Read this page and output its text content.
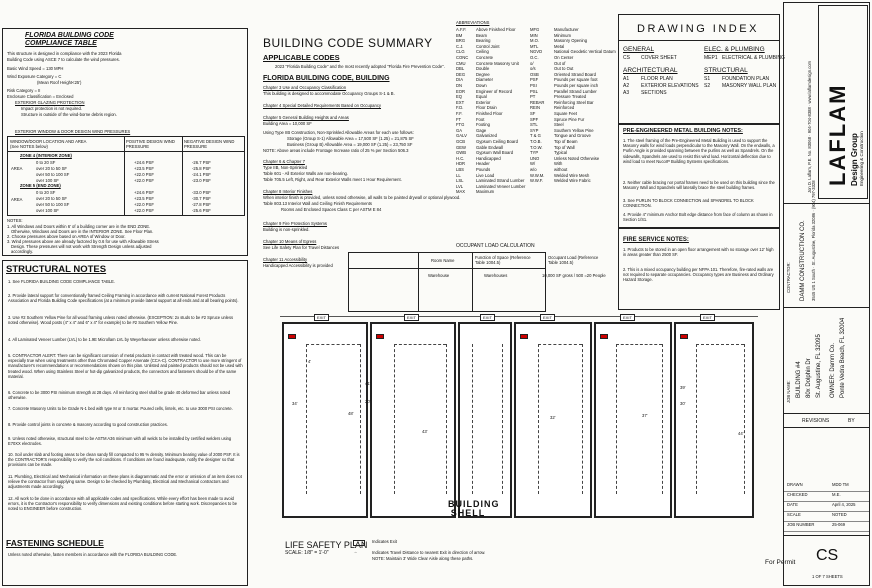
FLORIDA BUILDING CODE
COMPLIANCE TABLE
WINDOW/DOOR LOCATION AND AREA (See NOTES below)
POSITIVE DESIGN WIND PRESSURE
NEGATIVE DESIGN WIND PRESSURE
ZONE 4 (INTERIOR ZONE)
AREA
ZONE 5 (END ZONE)
AREA
0 to 20 SF	+24.6 PSF	-26.7 PSF
over 20 to 50 SF	+23.5 PSF	-25.8 PSF
over 50 to 100 SF	+22.0 PSF	-24.1 PSF
over 100 SF	+22.0 PSF	-23.0 PSF
0 to 20 SF	+24.6 PSF	-33.0 PSF
over 20 to 50 SF	+23.5 PSF	-30.7 PSF
over 50 to 100 SF	+22.0 PSF	-27.8 PSF
over 100 SF	+22.0 PSF	-25.6 PSF
NOTES:
This structure is designed in compliance with the 2023 Florida
Building Code using ASCE 7 to calculate the wind pressures.
Basic Wind Speed = 130 MPH
Wind Exposure Category = C
(Mean Roof Height<25')
Risk Category = II
Enclosure Classification = Enclosed
EXTERIOR GLAZING PROTECTION
Impact protection is not required.
Structure is outside of the wind-borne debris region.
EXTERIOR WINDOW & DOOR DESIGN WIND PRESSURES
1. All Windows and Doors within 6' of a building corner are in the END ZONE.
Otherwise, Windows and Doors are in the INTERIOR ZONE. See Floor Plan.
2. Choose pressures above based on AREA of Window or Door.
3. Wind pressures above are already factored by 0.6 for use with Allowable Stress
Design. These pressures will not work with Strength Design unless adjusted
accordingly.
STRUCTURAL NOTES
FASTENING SCHEDULE
Unless noted otherwise, fasten members in accordance with the FLORIDA BUILDING CODE.
1. See FLORIDA BUILDING CODE COMPLIANCE TABLE.
2. Provide lateral support for conventionally framed Ceiling Framing in accordance with current National Forest Products Association and Florida Building Code specifications (at a minimum provide lateral support at all ends and at all bearing points).
3. Use #2 Southern Yellow Pine for all wood framing unless noted otherwise. (EXCEPTION: 2x studs to be #2 Spruce unless noted otherwise). Wood posts (4" x 4" and 6" x 4" for example) to be #2 Southern Yellow Pine.
4. All Laminated Veneer Lumber (LVL) to be 1.9E Microllam LVL by Weyerhaeuser unless otherwise noted.
5. CONTRACTOR ALERT: There can be significant corrosion of metal products in contact with treated wood. This can be especially true when using treatments other than Chromated Copper Arsenate (CCA-C). CONTRACTOR to use more stringent of manufacturer's recommendations or recommendations shown on this plan. Unlisted and painted products should not be used with treated wood. When using Stainless Steel or hot-dip galvanized products, the connectors and fasteners should be of the same material.
6. Concrete to be 3000 PSI minimum strength at 28 days. All reinforcing steel shall be grade 40 deformed bar unless noted otherwise.
7. Concrete Masonry Units to be Grade N-1 bed with type M or S mortar. Poured cells, lintels, etc. to use 3000 PSI concrete.
8. Provide control joints in concrete & masonry according to good construction practices.
9. Unless noted otherwise, structural steel to be ASTM A36 minimum with all welds to be installed by certified welders using E70XX electrodes.
10. Soil under slab and footing areas to be clean sandy fill compacted to 95 % density. Minimum bearing value of 2000 PSF. It is the CONTRACTOR'S responsibility to verify the soil conditions. If conditions are found inadequate, notify the designer so that provisions can be made.
11. Plumbing, Electrical and Mechanical information on these plans is diagrammatic and the error or omission of an item does not relieve the contractor from supplying same. Design to be checked by Plumbing, Electrical and Mechanical contractors and adjustments made accordingly.
12. All work to be done in accordance with all applicable codes and specifications. While every effort has been made to avoid errors, it is the Contractor's responsibility to verify dimensions and existing conditions before starting work. Discrepancies to be noted to ENGINEER before construction.
BUILDING CODE SUMMARY
APPLICABLE CODES
2023 "Florida Building Code" and the most recently adopted "Florida Fire Prevention Code".
FLORIDA BUILDING CODE, BUILDING
ABBREVIATIONS
OCCUPANT LOAD CALCULATION
Room Name
Function of Space (Reference Table 1004.5)
Occupant Load (Reference Table 1004.5)
Warehouse	Warehouses	10,000 SF gross / 500 =20 People
DRAWING INDEX
GENERAL
ARCHITECTURAL
ELEC. & PLUMBING
STRUCTURAL
CS COVER SHEET
A1 FLOOR PLAN
A2 EXTERIOR ELEVATIONS
A3 SECTIONS
MEP1 ELECTRICAL & PLUMBING
S1 FOUNDATION PLAN
S2 MASONRY WALL PLAN
PRE-ENGINEERED METAL BUILDING NOTES:
1. The steel framing of the Pre-Engineered Metal Building is used to support the Masonry walls for wind loads perpendicular to the Masonry Wall. On the endwalls, a Purlin Angle is provided spanning between the purlins as well as Spandrels. On the sidewalls, Spandrels are used to resist this wind load. Horizontal deflection due to wind load to meet NucorP Building Systems specifications.
2. Neither cable bracing nor portal frames need to be used on this building since the Masonry Wall and Spandrels will laterally brace the steel building frames.
3. See PURLIN TO BLOCK CONNECTION and SPANDREL TO BLOCK CONNECTION.
4. Provide 4" minimum Anchor Bolt edge distance from face of column as shown in Section 1/S1.
FIRE SERVICE NOTES:
1. Products to be stored in an open floor arrangement with no storage over 12' high in areas greater than 2500 SF.
2. This is a mixed occupancy building per NFPA 101. Therefore, fire-rated walls are not required to separate occupancies. Occupancy types are Business and Ordinary Hazard Storage.
EXIT	EXIT	EXIT	EXIT	EXIT
EXIT
4'
41'
20'
48'
34'
43'	44'
39'
30'
37'
32'
BUILDING SHELL
LIFE SAFETY PLAN
SCALE: 1/8" = 1'-0"
Indicates Exit
→	Indicates Travel Distance to nearest Exit in direction of arrow.
NOTE: Maintain 3' Wide Clear Aisle along these paths.
For Permit
LAFLAM Design Group Engineering & Construction
Jon D. Laflam, P.E. No. 83068 · 904-704-8388 · www.laflamdesign.com
CONTRACTOR: DAMM CONSTRUCTION CO. 3545 US 1 South · St. Augustine, Florida 32086 · (904) 797-3328
JOB NAME: BUILDING #4 80x Dolphin Dr St. Augustine, FL 32095 OWNER: Damm Co. Ponte Vedra Beach, FL 32004
REVISIONS	BY
CS
1 OF 7 SHEETS
DRAWN	MDD TM
CHECKED	M.E.
DATE	April 4, 2025
SCALE	NOTED
JOB NUMBER	25-069
Chapter 3 Use and Occupancy Classification
This building is designed to accommodate Occupancy Groups S-1 & B.
Chapter 4 Special Detailed Requirements Based on Occupancy
Chapter 5 General Building Heights and Areas
Building Area = 10,000 SF
Using Type IIB Construction, Non-Sprinkled Allowable Areas for each use follows:
Storage (Group S-1) Allowable Area = 17,500 SF (1.25) = 21,875 SF
Business (Group B) Allowable Area = 19,000 SF (1.25) = 23,750 SF
NOTE: Above areas include Frontage Increase ratio of 25 % per Section 506.3
Chapter 6 & Chapter 7
Type IIB, Non-Sprinkled
Table 601 - All Exterior Walls are non-bearing.
Table 705.5 Left, Right, and Rear Exterior Walls meet 1 Hour Requirement.
Chapter 8 Interior Finishes
When interior finish is provided, unless noted otherwise, all walls to be painted drywall or optional plywood.
Table 803.13 Interior Wall and Ceiling Finish Requirements
Rooms and Enclosed Spaces Class C per ASTM E 84
Chapter 9 Fire Protection Systems
Building is non-sprinkled.
Chapter 10 Means of Egress
See Life Safety Plan for Travel Distances
Chapter 11 Accessibility
Handicapped Accessibility is provided
A.F.F. Above Finished Floor
BM	Beam
BRG	Bearing
C.J.	Control Joint
CLG	Ceiling
CONC Concrete
CMU Concrete Masonry Unit
DBL	Double
DEG	Degree
DIA	Diameter
DN	Down
EOR	Engineer of Record
EQ	Equal
EXT	Exterior
F.D.	Floor Drain
F.F.	Finished Floor
FT	Foot
FTG	Footing
GA	Gage
GALV Galvanized
GCB	Gypsum Ceiling Board
GEW Gable Endwall
GWB Gypsum Wall Board
H.C.	Handicapped
HDR	Header
LBS	Pounds
LL	Live Load
LSL	Laminated Strand Lumber
LVL	Laminated Veneer Lumber
MAX	Maximum
MFG	Manufacturer
MIN	Minimum
M.O.	Masonry Opening
MTL	Metal
NGVD	National Geodetic Vertical Datum
O.C.	On Center
o/	Out of
o/s	Out to Out
OSB	Oriented Strand Board
PSF	Pounds per square foot
PSI	Pounds per square inch
PSL	Parallel Strand Lumber
PT	Pressure Treated
REBAR Reinforcing Steel Bar
REIN	Reinforced
SF	Square Feet
SPF	Spruce Pine Fur
STL	Steel
SYP	Southern Yellow Pine
T & G	Tongue and Groove
T.O.B.	Top of Beam
T.O.W.	Top of Wall
TYP	Typical
UNO	Unless Noted Otherwise
W/	With
w/o	without
W.W.M. Welded Wire Mesh
W.W.F.	Welded Wire Fabric
